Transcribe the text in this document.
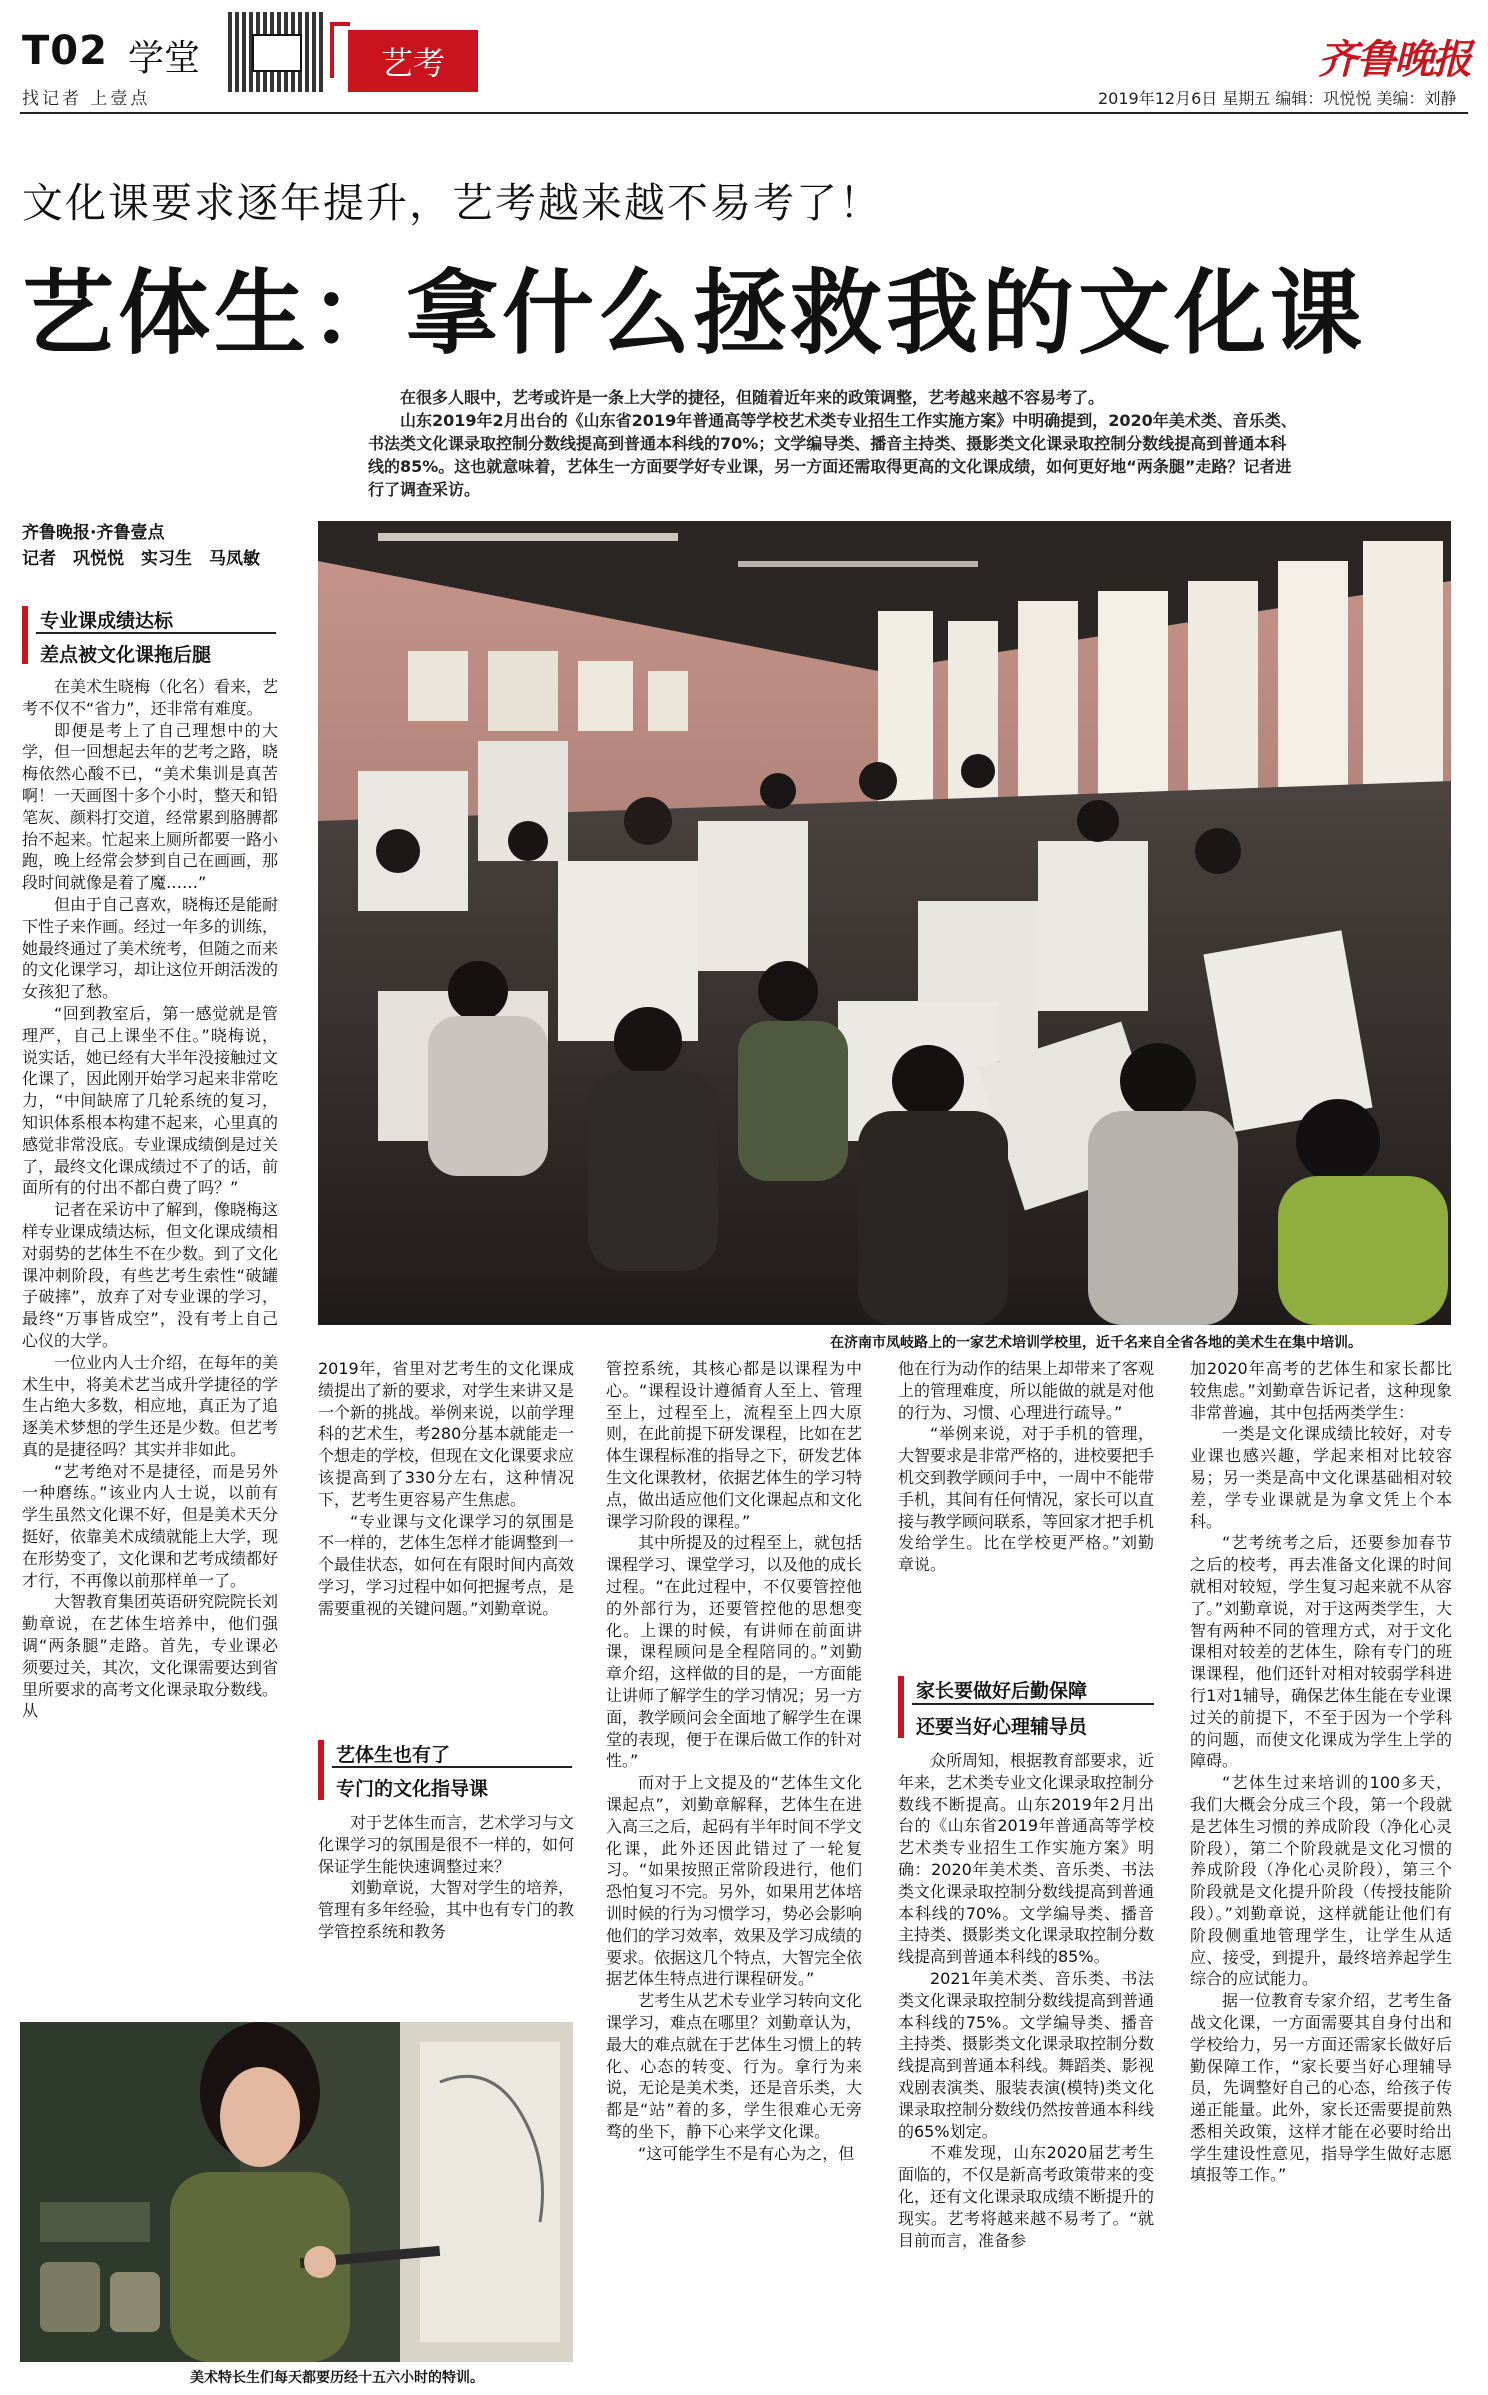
T02 学堂
找记者 上壹点
艺考	齐鲁晚报
2019年12月6日 星期五 编辑：巩悦悦 美编：刘静
文化课要求逐年提升，艺考越来越不易考了！
艺体生：拿什么拯救我的文化课
在很多人眼中，艺考或许是一条上大学的捷径，但随着近年来的政策调整，艺考越来越不容易考了。
山东2019年2月出台的《山东省2019年普通高等学校艺术类专业招生工作实施方案》中明确提到，2020年美术类、音乐类、书法类文化课录取控制分数线提高到普通本科线的70%；文学编导类、播音主持类、摄影类文化课录取控制分数线提高到普通本科线的85%。这也就意味着，艺体生一方面要学好专业课，另一方面还需取得更高的文化课成绩，如何更好地“两条腿”走路？记者进行了调查采访。
齐鲁晚报·齐鲁壹点
记者　巩悦悦　实习生　马凤敏
专业课成绩达标
差点被文化课拖后腿

在美术生晓梅（化名）看来，艺考不仅不“省力”，还非常有难度。

即便是考上了自己理想中的大学，但一回想起去年的艺考之路，晓梅依然心酸不已，“美术集训是真苦啊！一天画图十多个小时，整天和铅笔灰、颜料打交道，经常累到胳膊都抬不起来。忙起来上厕所都要一路小跑，晚上经常会梦到自己在画画，那段时间就像是着了魔……”

但由于自己喜欢，晓梅还是能耐下性子来作画。经过一年多的训练，她最终通过了美术统考，但随之而来的文化课学习，却让这位开朗活泼的女孩犯了愁。

“回到教室后，第一感觉就是管理严，自己上课坐不住。”晓梅说，说实话，她已经有大半年没接触过文化课了，因此刚开始学习起来非常吃力，“中间缺席了几轮系统的复习，知识体系根本构建不起来，心里真的感觉非常没底。专业课成绩倒是过关了，最终文化课成绩过不了的话，前面所有的付出不都白费了吗？”

记者在采访中了解到，像晓梅这样专业课成绩达标，但文化课成绩相对弱势的艺体生不在少数。到了文化课冲刺阶段，有些艺考生索性“破罐子破摔”，放弃了对专业课的学习，最终“万事皆成空”，没有考上自己心仪的大学。

一位业内人士介绍，在每年的美术生中，将美术艺当成升学捷径的学生占绝大多数，相应地，真正为了追逐美术梦想的学生还是少数。但艺考真的是捷径吗？其实并非如此。

“艺考绝对不是捷径，而是另外一种磨练。”该业内人士说，以前有学生虽然文化课不好，但是美术天分挺好，依靠美术成绩就能上大学，现在形势变了，文化课和艺考成绩都好才行，不再像以前那样单一了。

大智教育集团英语研究院院长刘勤章说，在艺体生培养中，他们强调“两条腿”走路。首先，专业课必须要过关，其次，文化课需要达到省里所要求的高考文化课录取分数线。从

在济南市凤岐路上的一家艺术培训学校里，近千名来自全省各地的美术生在集中培训。

2019年，省里对艺考生的文化课成绩提出了新的要求，对学生来讲又是一个新的挑战。举例来说，以前学理科的艺术生，考280分基本就能走一个想走的学校，但现在文化课要求应该提高到了330分左右，这种情况下，艺考生更容易产生焦虑。

“专业课与文化课学习的氛围是不一样的，艺体生怎样才能调整到一个最佳状态，如何在有限时间内高效学习，学习过程中如何把握考点，是需要重视的关键问题。”刘勤章说。

艺体生也有了
专门的文化指导课

对于艺体生而言，艺术学习与文化课学习的氛围是很不一样的，如何保证学生能快速调整过来？

刘勤章说，大智对学生的培养，管理有多年经验，其中也有专门的教学管控系统和教务

管控系统，其核心都是以课程为中心。“课程设计遵循育人至上、管理至上，过程至上，流程至上四大原则，在此前提下研发课程，比如在艺体生课程标准的指导之下，研发艺体生文化课教材，依据艺体生的学习特点，做出适应他们文化课起点和文化课学习阶段的课程。”

其中所提及的过程至上，就包括课程学习、课堂学习，以及他的成长过程。“在此过程中，不仅要管控他的外部行为，还要管控他的思想变化。上课的时候，有讲师在前面讲课，课程顾问是全程陪同的。”刘勤章介绍，这样做的目的是，一方面能让讲师了解学生的学习情况；另一方面，教学顾问会全面地了解学生在课堂的表现，便于在课后做工作的针对性。”

而对于上文提及的“艺体生文化课起点”，刘勤章解释，艺体生在进入高三之后，起码有半年时间不学文化课，此外还因此错过了一轮复习。“如果按照正常阶段进行，他们恐怕复习不完。另外，如果用艺体培训时候的行为习惯学习，势必会影响他们的学习效率，效果及学习成绩的要求。依据这几个特点，大智完全依据艺体生特点进行课程研发。”

艺考生从艺术专业学习转向文化课学习，难点在哪里？刘勤章认为，最大的难点就在于艺体生习惯上的转化、心态的转变、行为。拿行为来说，无论是美术类，还是音乐类，大都是“站”着的多，学生很难心无旁骛的坐下，静下心来学文化课。

“这可能学生不是有心为之，但

他在行为动作的结果上却带来了客观上的管理难度，所以能做的就是对他的行为、习惯、心理进行疏导。”

“举例来说，对于手机的管理，大智要求是非常严格的，进校要把手机交到教学顾问手中，一周中不能带手机，其间有任何情况，家长可以直接与教学顾问联系，等回家才把手机发给学生。比在学校更严格。”刘勤章说。

家长要做好后勤保障
还要当好心理辅导员

众所周知，根据教育部要求，近年来，艺术类专业文化课录取控制分数线不断提高。山东2019年2月出台的《山东省2019年普通高等学校艺术类专业招生工作实施方案》明确：2020年美术类、音乐类、书法类文化课录取控制分数线提高到普通本科线的70%。文学编导类、播音主持类、摄影类文化课录取控制分数线提高到普通本科线的85%。

2021年美术类、音乐类、书法类文化课录取控制分数线提高到普通本科线的75%。文学编导类、播音主持类、摄影类文化课录取控制分数线提高到普通本科线。舞蹈类、影视戏剧表演类、服装表演(模特)类文化课录取控制分数线仍然按普通本科线的65%划定。

不难发现，山东2020届艺考生面临的，不仅是新高考政策带来的变化，还有文化课录取成绩不断提升的现实。艺考将越来越不易考了。“就目前而言，准备参

加2020年高考的艺体生和家长都比较焦虑。”刘勤章告诉记者，这种现象非常普遍，其中包括两类学生：

一类是文化课成绩比较好，对专业课也感兴趣，学起来相对比较容易；另一类是高中文化课基础相对较差，学专业课就是为拿文凭上个本科。

“艺考统考之后，还要参加春节之后的校考，再去准备文化课的时间就相对较短，学生复习起来就不从容了。”刘勤章说，对于这两类学生，大智有两种不同的管理方式，对于文化课相对较差的艺体生，除有专门的班课课程，他们还针对相对较弱学科进行1对1辅导，确保艺体生能在专业课过关的前提下，不至于因为一个学科的问题，而使文化课成为学生上学的障碍。

“艺体生过来培训的100多天，我们大概会分成三个段，第一个段就是艺体生习惯的养成阶段（净化心灵阶段），第二个阶段就是文化习惯的养成阶段（净化心灵阶段），第三个阶段就是文化提升阶段（传授技能阶段）。”刘勤章说，这样就能让他们有阶段侧重地管理学生，让学生从适应、接受，到提升，最终培养起学生综合的应试能力。

据一位教育专家介绍，艺考生备战文化课，一方面需要其自身付出和学校给力，另一方面还需家长做好后勤保障工作，“家长要当好心理辅导员，先调整好自己的心态，给孩子传递正能量。此外，家长还需要提前熟悉相关政策，这样才能在必要时给出学生建设性意见，指导学生做好志愿填报等工作。”

美术特长生们每天都要历经十五六小时的特训。
